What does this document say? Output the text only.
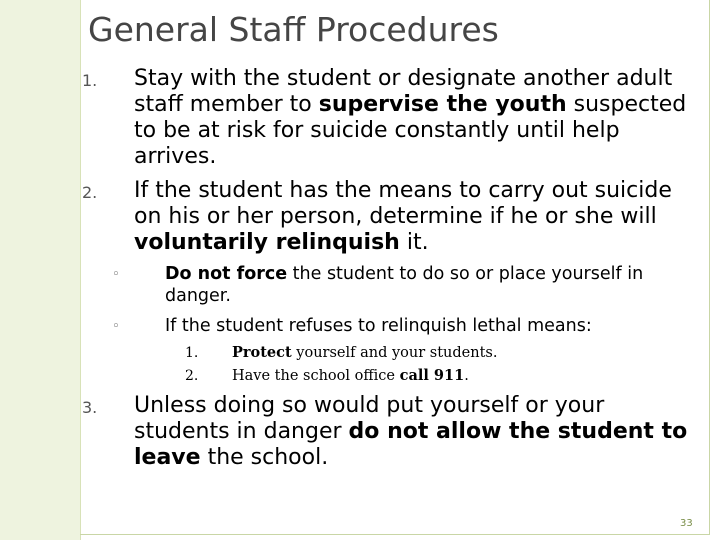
General Staff Procedures
1.	Stay with the student or designate another adult staff member to supervise the youth suspected to be at risk for suicide constantly until help arrives.
2.	If the student has the means to carry out suicide on his or her person, determine if he or she will voluntarily relinquish it.
◦	Do not force the student to do so or place yourself in danger.
◦	If the student refuses to relinquish lethal means:
1. Protect yourself and your students.
2. Have the school office call 911.
3.	Unless doing so would put yourself or your students in danger do not allow the student to leave the school.
33
